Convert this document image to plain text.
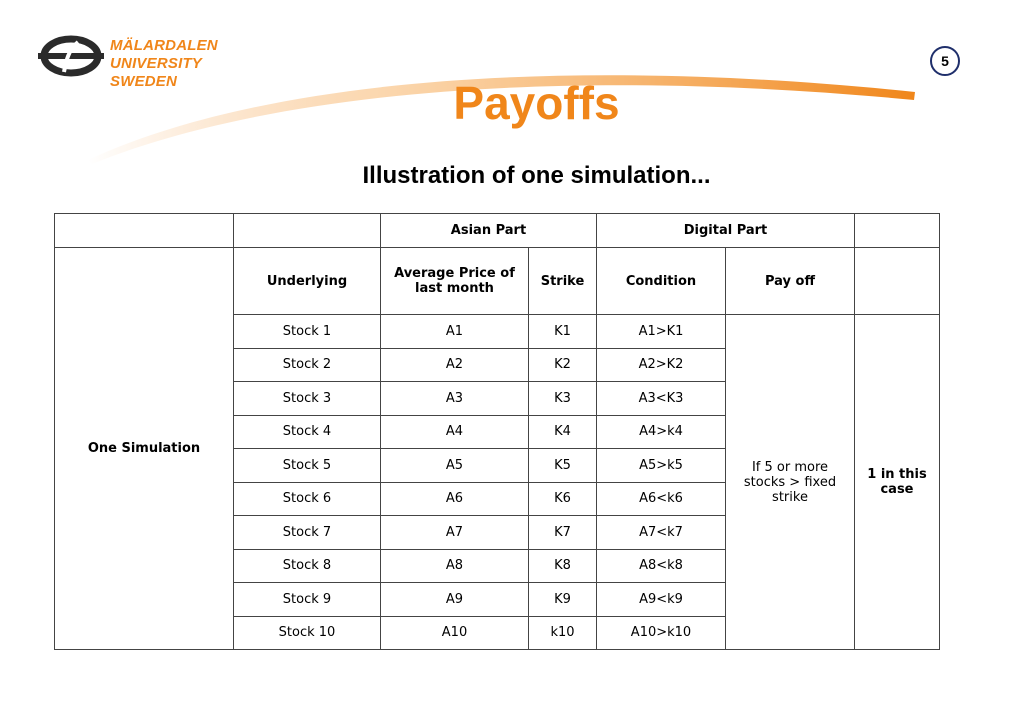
MÄLARDALEN UNIVERSITY
SWEDEN
5
Payoffs
Illustration of one simulation...
		Asian Part		Digital Part		
One Simulation	Underlying	Average Price of last month	Strike	Condition	Pay off	
	Stock 1	A1	K1	A1>K1	If 5 or more stocks > fixed strike	1 in this case
	Stock 2	A2	K2	A2>K2		
	Stock 3	A3	K3	A3<K3		
	Stock 4	A4	K4	A4>k4		
	Stock 5	A5	K5	A5>k5		
	Stock 6	A6	K6	A6<k6		
	Stock 7	A7	K7	A7<k7		
	Stock 8	A8	K8	A8<k8		
	Stock 9	A9	K9	A9<k9		
	Stock 10	A10	k10	A10>k10		
